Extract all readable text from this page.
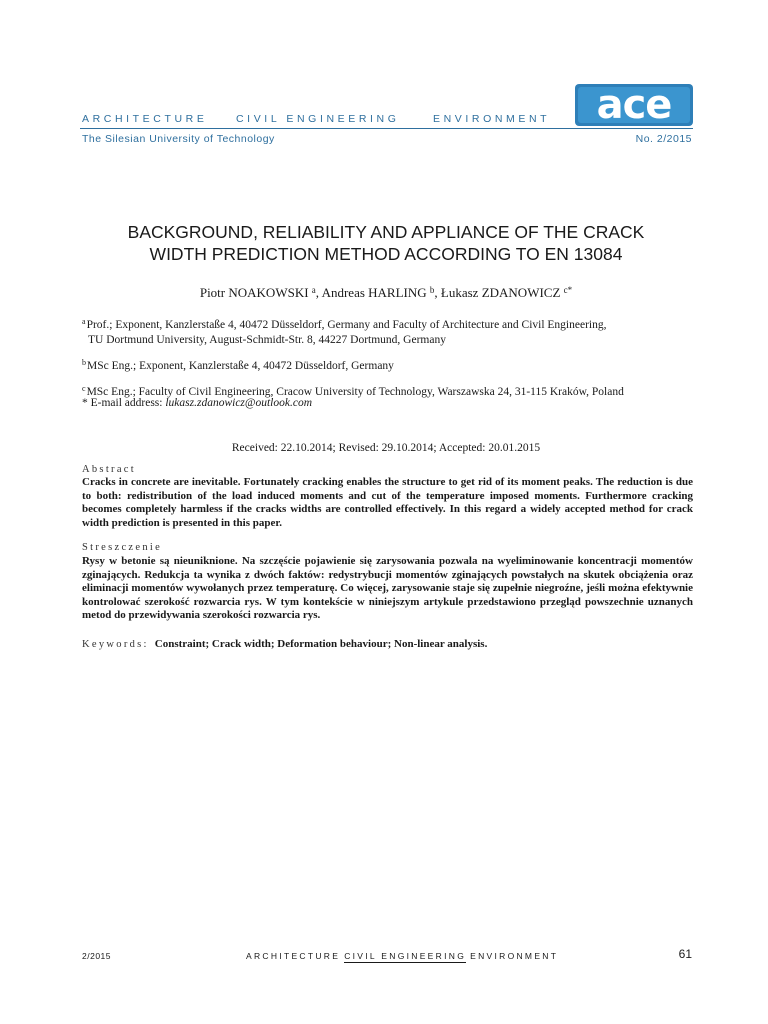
ARCHITECTURE	CIVIL ENGINEERING	ENVIRONMENT
The Silesian University of Technology	No. 2/2015
ace
BACKGROUND, RELIABILITY AND APPLIANCE OF THE CRACK
WIDTH PREDICTION METHOD ACCORDING TO EN 13084
Piotr NOAKOWSKI $^a$, Andreas HARLING $^b$, Łukasz ZDANOWICZ $^{c*}$
$^a$Prof.; Exponent, Kanzlerstaße 4, 40472 Düsseldorf, Germany and Faculty of Architecture and Civil Engineering,
TU Dortmund University, August-Schmidt-Str. 8, 44227 Dortmund, Germany
$^b$MSc Eng.; Exponent, Kanzlerstaße 4, 40472 Düsseldorf, Germany
$^c$MSc Eng.; Faculty of Civil Engineering, Cracow University of Technology, Warszawska 24, 31-115 Kraków, Poland
* E-mail address: lukasz.zdanowicz@outlook.com
Received: 22.10.2014; Revised: 29.10.2014; Accepted: 20.01.2015
Abstract
Cracks in concrete are inevitable. Fortunately cracking enables the structure to get rid of its moment peaks. The reduction is due to both: redistribution of the load induced moments and cut of the temperature imposed moments. Furthermore cracking becomes completely harmless if the cracks widths are controlled effectively. In this regard a widely accepted method for crack width prediction is presented in this paper.
Streszczenie
Rysy w betonie są nieuniknione. Na szczęście pojawienie się zarysowania pozwala na wyeliminowanie koncentracji momentów zginających. Redukcja ta wynika z dwóch faktów: redystrybucji momentów zginających powstałych na skutek obciążenia oraz eliminacji momentów wywołanych przez temperaturę. Co więcej, zarysowanie staje się zupełnie niegroźne, jeśli można efektywnie kontrolować szerokość rozwarcia rys. W tym kontekście w niniejszym artykule przedstawiono przegląd powszechnie uznanych metod do przewidywania szerokości rozwarcia rys.
Keywords: Constraint; Crack width; Deformation behaviour; Non-linear analysis.
2/2015	ARCHITECTURE CIVIL ENGINEERING ENVIRONMENT	61
